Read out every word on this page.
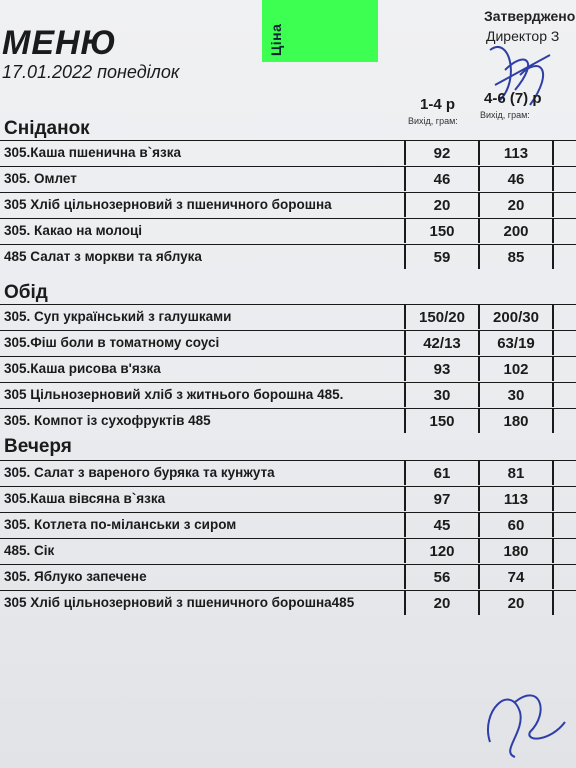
Ціна
Затверджено
Директор З
МЕНЮ
17.01.2022 понеділок
1-4 р
Вихід, грам:
4-6 (7) р
Вихід, грам:
Сніданок
305.Каша пшенична в`язка	92	113
305. Омлет	46	46
305 Хліб цільнозерновий з пшеничного борошна	20	20
305. Какао на молоці	150	200
485 Салат з моркви та яблука	59	85
Обід
305. Суп український з галушками	150/20	200/30
305.Фіш боли в томатному соусі	42/13	63/19
305.Каша рисова в'язка	93	102
305 Цільнозерновий хліб з житнього борошна 485.	30	30
305. Компот із сухофруктів 485	150	180
Вечеря
305. Салат з вареного буряка та кунжута	61	81
305.Каша вівсяна в`язка	97	113
305. Котлета по-міланськи з сиром	45	60
485. Сік	120	180
305. Яблуко запечене	56	74
305 Хліб цільнозерновий з пшеничного борошна485	20	20
